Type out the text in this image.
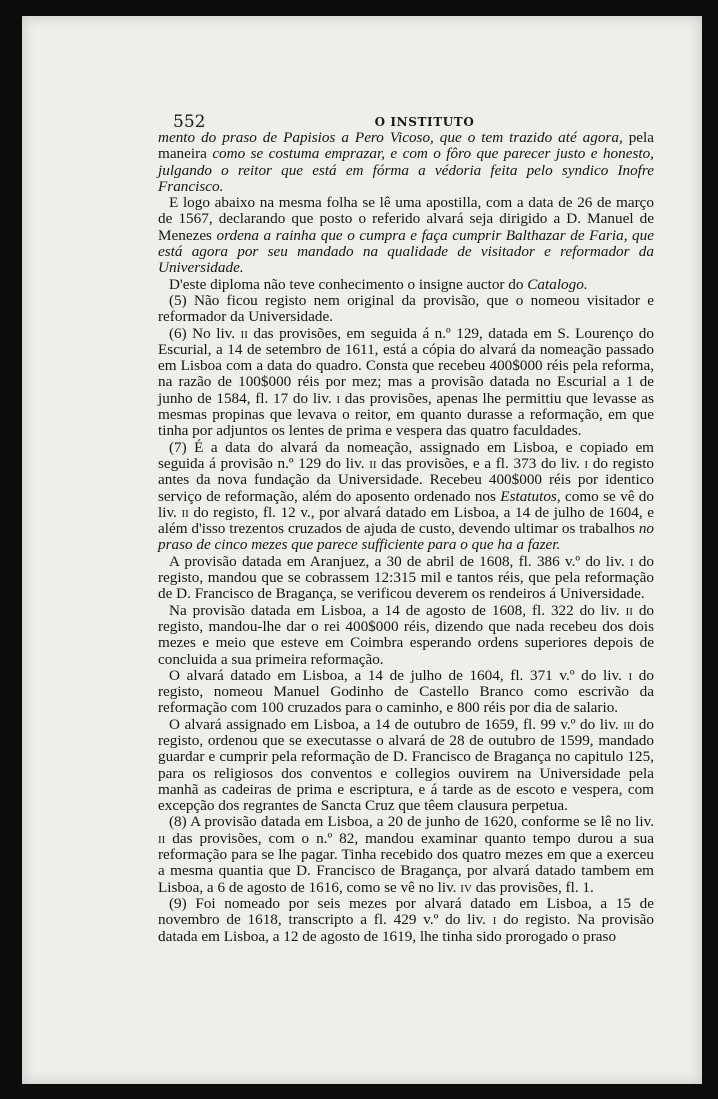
552	O INSTITUTO

mento do praso de Papisios a Pero Vicoso, que o tem trazido até agora, pela maneira como se costuma emprazar, e com o fôro que parecer justo e honesto, julgando o reitor que está em fórma a védoria feita pelo syndico Inofre Francisco.

E logo abaixo na mesma folha se lê uma apostilla, com a data de 26 de março de 1567, declarando que posto o referido alvará seja dirigido a D. Manuel de Menezes ordena a rainha que o cumpra e faça cumprir Balthazar de Faria, que está agora por seu mandado na qualidade de visitador e reformador da Universidade.

D'este diploma não teve conhecimento o insigne auctor do Catalogo.

(5) Não ficou registo nem original da provisão, que o nomeou visitador e reformador da Universidade.

(6) No liv. ii das provisões, em seguida á n.º 129, datada em S. Lourenço do Escurial, a 14 de setembro de 1611, está a cópia do alvará da nomeação passado em Lisboa com a data do quadro. Consta que recebeu 400$000 réis pela reforma, na razão de 100$000 réis por mez; mas a provisão datada no Escurial a 1 de junho de 1584, fl. 17 do liv. i das provisões, apenas lhe permittiu que levasse as mesmas propinas que levava o reitor, em quanto durasse a reformação, em que tinha por adjuntos os lentes de prima e vespera das quatro faculdades.

(7) É a data do alvará da nomeação, assignado em Lisboa, e copiado em seguida á provisão n.º 129 do liv. ii das provisões, e a fl. 373 do liv. i do registo antes da nova fundação da Universidade. Recebeu 400$000 réis por identico serviço de reformação, além do aposento ordenado nos Estatutos, como se vê do liv. ii do registo, fl. 12 v., por alvará datado em Lisboa, a 14 de julho de 1604, e além d'isso trezentos cruzados de ajuda de custo, devendo ultimar os trabalhos no praso de cinco mezes que parece sufficiente para o que ha a fazer.

A provisão datada em Aranjuez, a 30 de abril de 1608, fl. 386 v.º do liv. i do registo, mandou que se cobrassem 12:315 mil e tantos réis, que pela reformação de D. Francisco de Bragança, se verificou deverem os rendeiros á Universidade.

Na provisão datada em Lisboa, a 14 de agosto de 1608, fl. 322 do liv. ii do registo, mandou-lhe dar o rei 400$000 réis, dizendo que nada recebeu dos dois mezes e meio que esteve em Coimbra esperando ordens superiores depois de concluida a sua primeira reformação.

O alvará datado em Lisboa, a 14 de julho de 1604, fl. 371 v.º do liv. i do registo, nomeou Manuel Godinho de Castello Branco como escrivão da reformação com 100 cruzados para o caminho, e 800 réis por dia de salario.

O alvará assignado em Lisboa, a 14 de outubro de 1659, fl. 99 v.º do liv. iii do registo, ordenou que se executasse o alvará de 28 de outubro de 1599, mandado guardar e cumprir pela reformação de D. Francisco de Bragança no capitulo 125, para os religiosos dos conventos e collegios ouvirem na Universidade pela manhã as cadeiras de prima e escriptura, e á tarde as de escoto e vespera, com excepção dos regrantes de Sancta Cruz que têem clausura perpetua.

(8) A provisão datada em Lisboa, a 20 de junho de 1620, conforme se lê no liv. ii das provisões, com o n.º 82, mandou examinar quanto tempo durou a sua reformação para se lhe pagar. Tinha recebido dos quatro mezes em que a exerceu a mesma quantia que D. Francisco de Bragança, por alvará datado tambem em Lisboa, a 6 de agosto de 1616, como se vê no liv. iv das provisões, fl. 1.

(9) Foi nomeado por seis mezes por alvará datado em Lisboa, a 15 de novembro de 1618, transcripto a fl. 429 v.º do liv. i do registo. Na provisão datada em Lisboa, a 12 de agosto de 1619, lhe tinha sido prorogado o praso
